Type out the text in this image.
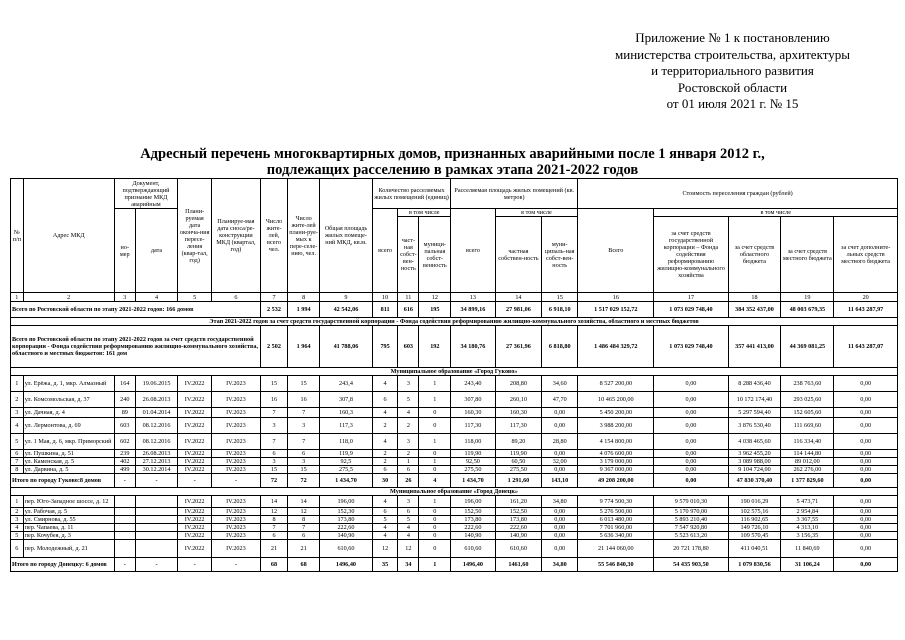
Приложение № 1 к постановлению
министерства строительства, архитектуры
и территориального развития
Ростовской области
от 01 июля 2021 г. № 15
Адресный перечень многоквартирных домов, признанных аварийными после 1 января 2012 г.,
подлежащих расселению в рамках этапа 2021-2022 годов
№ п/п	Адрес МКД	Документ, подтверждающий признание МКД аварийным		Плани-руемая дата оконча-ния пересе-ления (квар-тал, год)	Планируе-мая дата сноса/ре-конструкции МКД (квартал, год)	Число жите-лей, всего чел.	Число жите-лей плани-руе-мых к пере-селе-нию, чел.	Общая площадь жилых помеще-ний МКД, кв.м.	Количество расселяемых жилых помещений (единиц)			Расселяемая площадь жилых помещений (кв. метров)			Стоимость переселения граждан (рублей)				
		но-мер	дата						всего	в том числе		всего	в том числе		Всего	в том числе			
										част-ная собст-вен-ность	муници-пальная собст-венность		частная собствен-ность	муни-ципаль-ная собст-вен-ность		за счет средств государственной корпорации – Фонда содействия реформированию жилищно-коммунального хозяйства	за счет средств областного бюджета	за счет средств местного бюджета	за счет дополните-льных средств местного бюджета
1	2	3	4	5	6	7	8	9	10	11	12	13	14	15	16	17	18	19	20
Всего по Ростовской области по этапу 2021-2022 годов: 166 домов						2 532	1 994	42 542,06	811	616	195	34 899,16	27 981,06	6 918,10	1 517 029 152,72	1 073 029 748,40	384 352 437,00	48 003 679,35	11 643 287,97
Этап 2021-2022 годов за счет средств государственной корпорации - Фонда содействия реформированию жилищно-коммунального хозяйства, областного и местных бюджетов																			
Всего по Ростовской области по этапу 2021-2022 годов за счет средств государственной корпорации - Фонда содействия реформированию жилищно-коммунального хозяйства, областного и местных бюджетов: 161 дом						2 502	1 964	41 788,06	795	603	192	34 180,76	27 361,96	6 818,80	1 486 484 329,72	1 073 029 748,40	357 441 413,00	44 369 081,25	11 643 287,07
Муниципальное образование «Город Гуково»																			
1	ул. Ерёжа, д. 1, мкр. Алмазный	164	19.06.2015	IV.2022	IV.2023	15	15	243,4	4	3	1	243,40	208,80	34,60	8 527 200,00	0,00	8 288 436,40	238 763,60	0,00
2	ул. Комсомольская, д. 37	240	26.08.2013	IV.2022	IV.2023	16	16	307,8	6	5	1	307,80	260,10	47,70	10 465 200,00	0,00	10 172 174,40	293 025,60	0,00
3	ул. Дачная, д. 4	89	01.04.2014	IV.2022	IV.2023	7	7	160,3	4	4	0	160,30	160,30	0,00	5 450 200,00	0,00	5 297 594,40	152 605,60	0,00
4	ул. Лермонтова, д. 69	603	08.12.2016	IV.2022	IV.2023	3	3	117,3	2	2	0	117,30	117,30	0,00	3 988 200,00	0,00	3 876 530,40	111 669,60	0,00
5	ул. 1 Мая, д. 6, мкр. Приморский	602	08.12.2016	IV.2022	IV.2023	7	7	118,0	4	3	1	118,00	89,20	28,80	4 154 800,00	0,00	4 038 465,60	116 334,40	0,00
6	ул. Пушкина, д. 51	239	26.08.2013	IV.2022	IV.2023	6	6	119,9	2	2	0	119,90	119,90	0,00	4 076 600,00	0,00	3 962 455,20	114 144,80	0,00
7	ул. Каменская, д. 5	402	27.12.2013	IV.2022	IV.2023	3	3	92,5	2	1	1	92,50	60,50	32,00	3 179 000,00	0,00	3 089 988,00	89 012,00	0,00
8	ул. Дарвина, д. 5	499	30.12.2014	IV.2022	IV.2023	15	15	275,5	6	6	0	275,50	275,50	0,00	9 367 000,00	0,00	9 104 724,00	262 276,00	0,00
Итого по городу Гуково:8 домов		-	-	-	-	72	72	1 434,70	30	26	4	1 434,70	1 291,60	143,10	49 208 200,00	0,00	47 830 370,40	1 377 829,60	0,00
Муниципальное образование «Город Донецк»																			
1	пер. Юго-Западное шоссе, д. 12			IV.2022	IV.2023	14	14	196,00	4	3	1	196,00	161,20	34,80	9 774 500,30	9 579 010,30	190 016,29	5 473,71	0,00
2	ул. Рабочая, д. 5			IV.2022	IV.2023	12	12	152,30	6	6	0	152,50	152,50	0,00	5 276 500,00	5 170 970,00	102 575,16	2 954,84	0,00
3	ул. Смирнова, д. 55			IV.2022	IV.2023	8	8	173,80	5	5	0	173,80	173,80	0,00	6 013 480,00	5 893 210,40	116 902,65	3 367,55	0,00
4	пер. Чапаева, д. 11			IV.2022	IV.2023	7	7	222,60	4	4	0	222,60	222,60	0,00	7 701 960,00	7 547 920,80	149 726,10	4 313,10	0,00
5	пер. Кочубея, д. 3			IV.2022	IV.2023	6	6	140,90	4	4	0	140,90	140,90	0,00	5 636 340,00	5 523 613,20	109 570,45	3 156,35	0,00
6	пер. Молодежный, д. 21			IV.2022	IV.2023	21	21	610,60	12	12	0	610,60	610,60	0,00	21 144 060,00	20 721 178,80	411 040,51	11 840,69	0,00
Итого по городу Донецку: 6 домов		-	-	-	-	68	68	1496,40	35	34	1	1496,40	1461,60	34,80	55 546 840,30	54 435 903,50	1 079 830,56	31 106,24	0,00
